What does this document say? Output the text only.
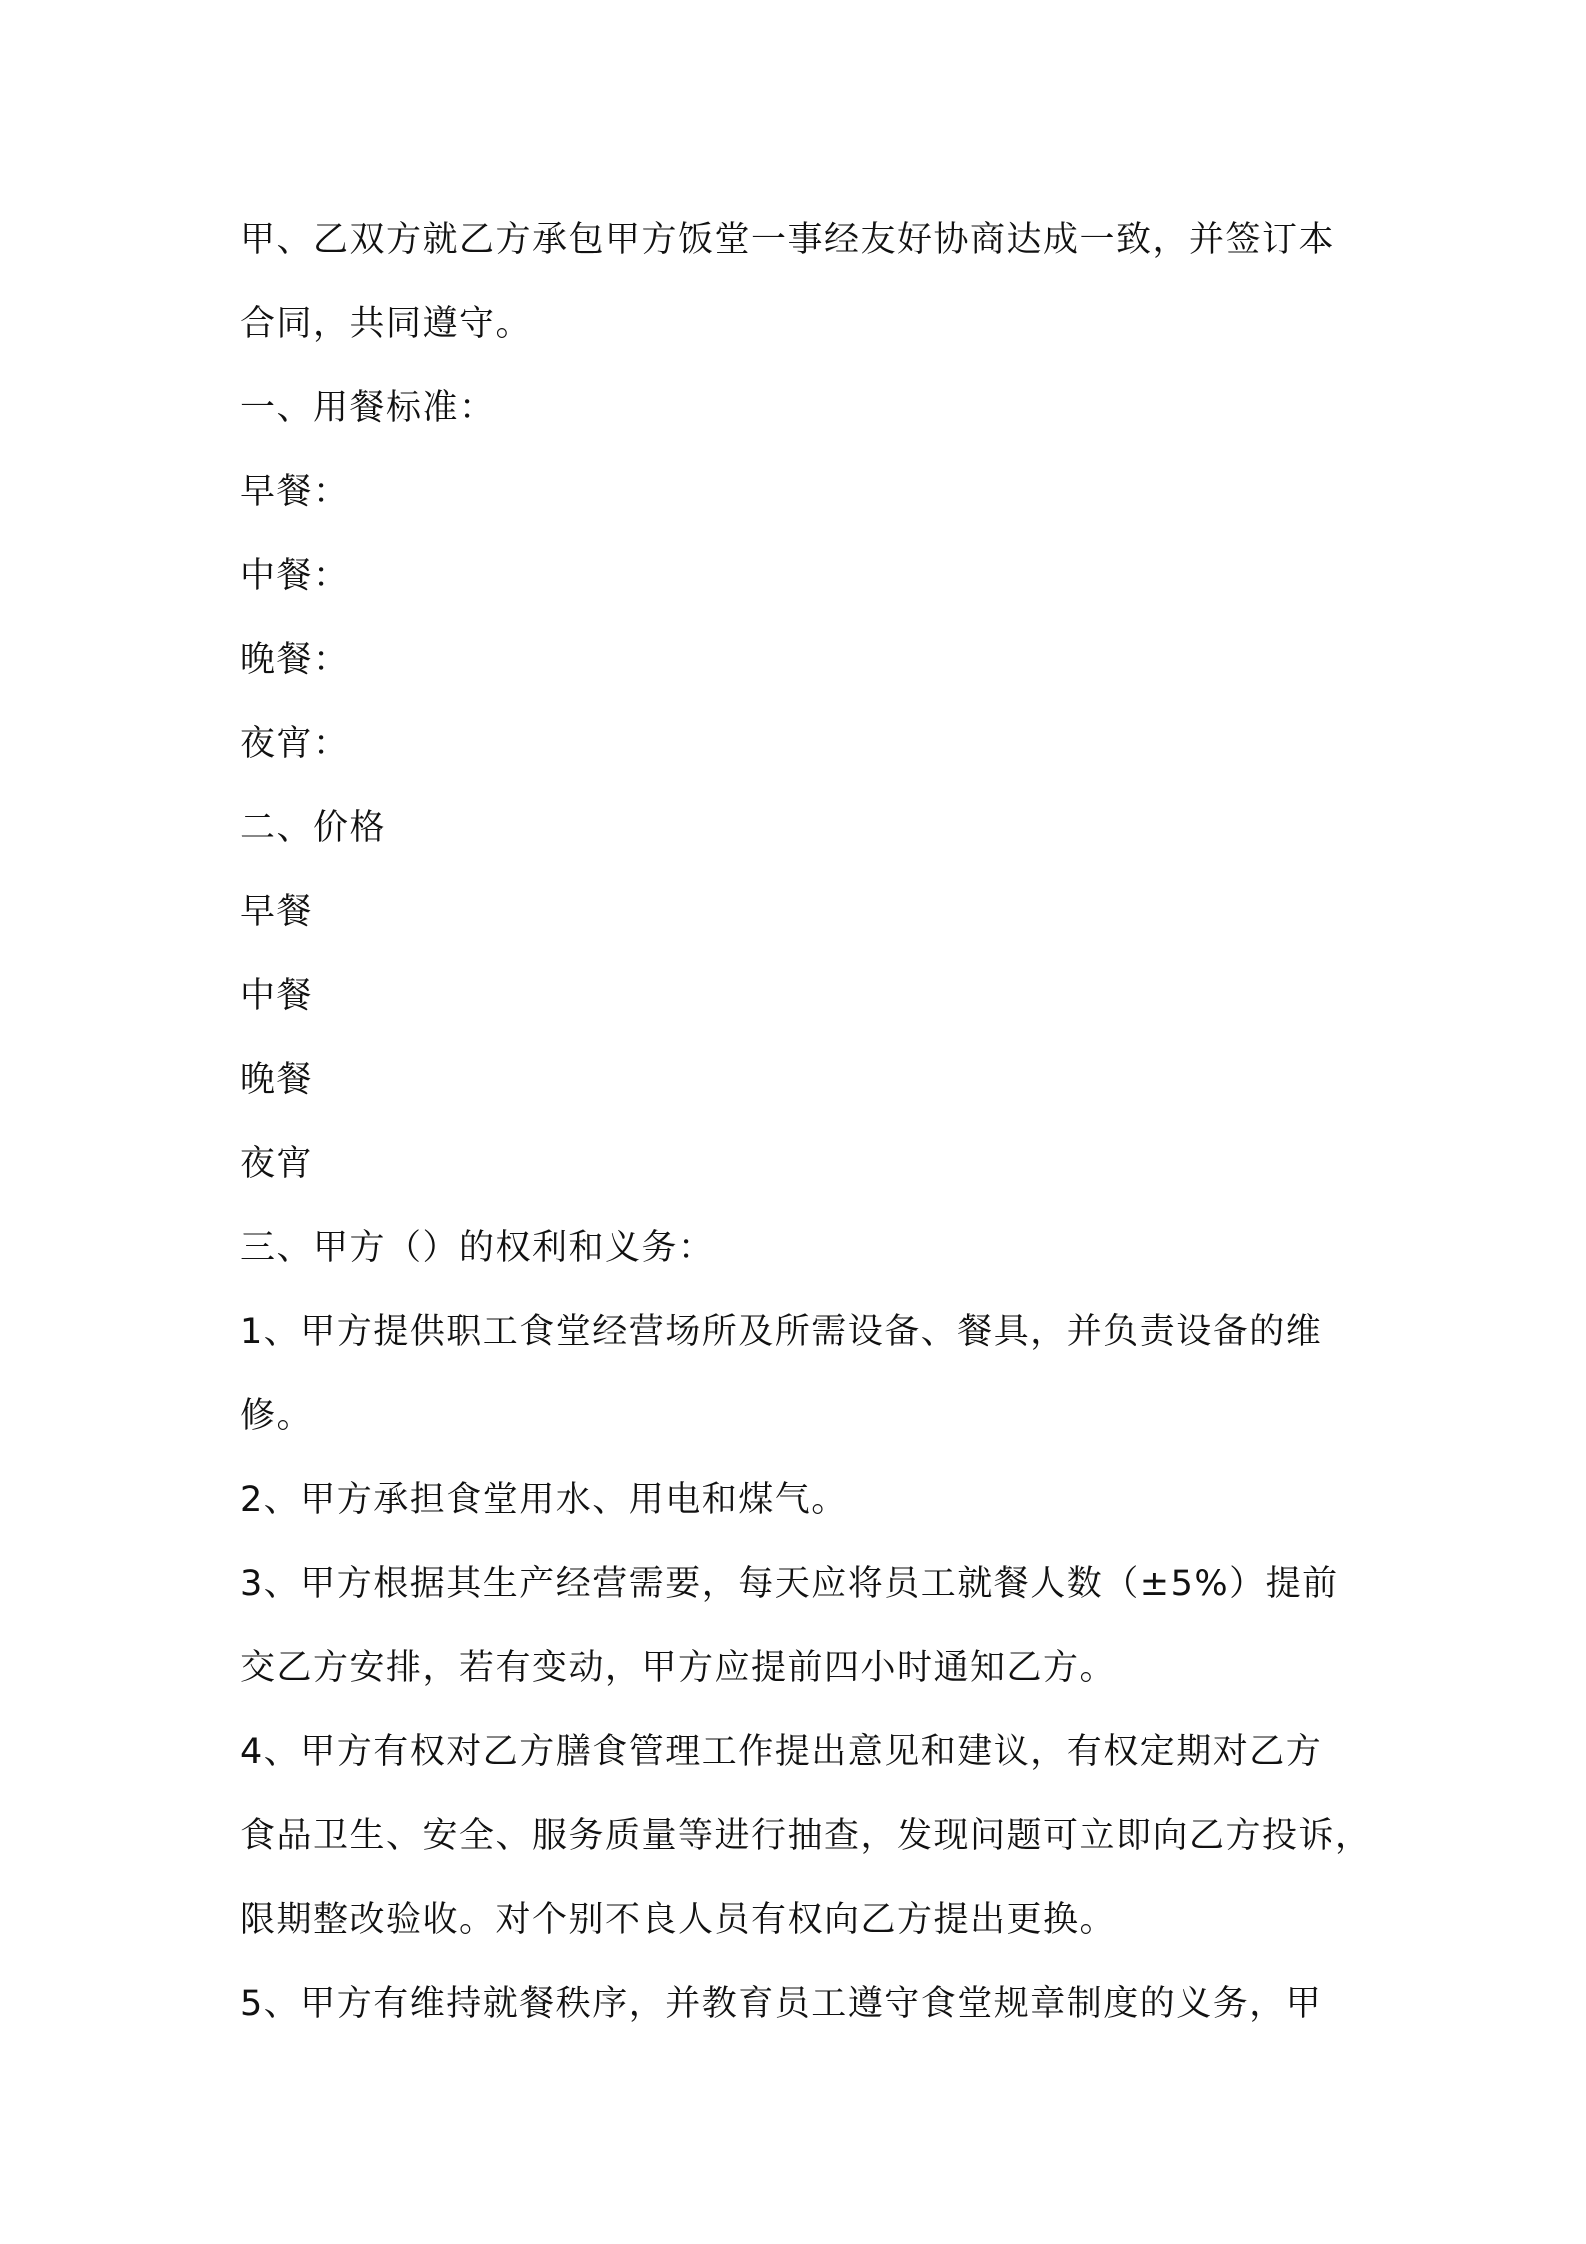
甲、乙双方就乙方承包甲方饭堂一事经友好协商达成一致，并签订本
合同，共同遵守。
一、用餐标准：
早餐：
中餐：
晚餐：
夜宵：
二、价格
早餐
中餐
晚餐
夜宵
三、甲方（）的权利和义务：
1、甲方提供职工食堂经营场所及所需设备、餐具，并负责设备的维
修。
2、甲方承担食堂用水、用电和煤气。
3、甲方根据其生产经营需要，每天应将员工就餐人数（±5%）提前
交乙方安排，若有变动，甲方应提前四小时通知乙方。
4、甲方有权对乙方膳食管理工作提出意见和建议，有权定期对乙方
食品卫生、安全、服务质量等进行抽查，发现问题可立即向乙方投诉，
限期整改验收。对个别不良人员有权向乙方提出更换。
5、甲方有维持就餐秩序，并教育员工遵守食堂规章制度的义务，甲
